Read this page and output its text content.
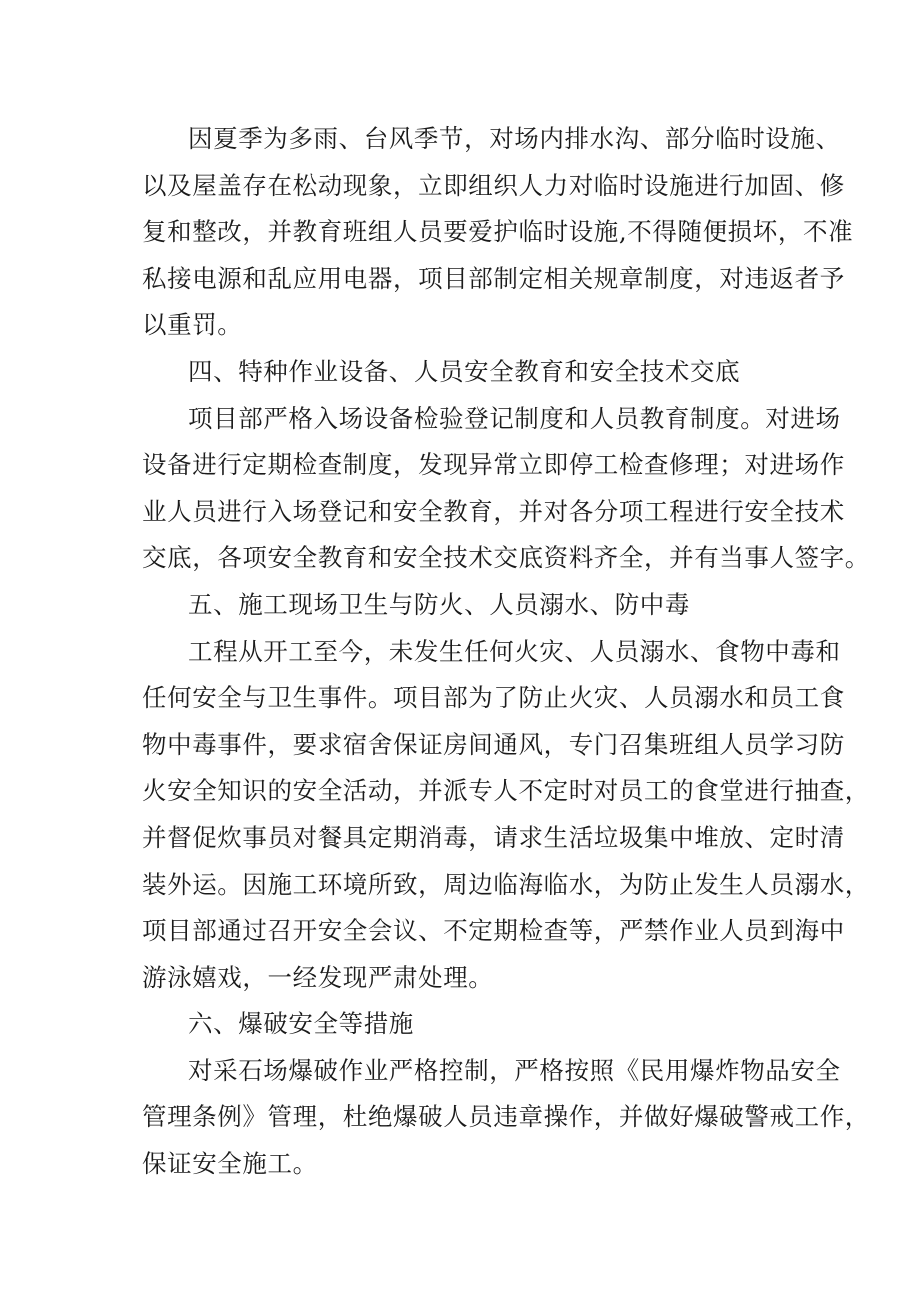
因夏季为多雨、台风季节，对场内排水沟、部分临时设施、
以及屋盖存在松动现象，立即组织人力对临时设施进行加固、修
复和整改，并教育班组人员要爱护临时设施,不得随便损坏，不准
私接电源和乱应用电器，项目部制定相关规章制度，对违返者予
以重罚。
四、特种作业设备、人员安全教育和安全技术交底
项目部严格入场设备检验登记制度和人员教育制度。对进场
设备进行定期检查制度，发现异常立即停工检查修理；对进场作
业人员进行入场登记和安全教育，并对各分项工程进行安全技术
交底，各项安全教育和安全技术交底资料齐全，并有当事人签字。
五、施工现场卫生与防火、人员溺水、防中毒
工程从开工至今，未发生任何火灾、人员溺水、食物中毒和
任何安全与卫生事件。项目部为了防止火灾、人员溺水和员工食
物中毒事件，要求宿舍保证房间通风，专门召集班组人员学习防
火安全知识的安全活动，并派专人不定时对员工的食堂进行抽查，
并督促炊事员对餐具定期消毒，请求生活垃圾集中堆放、定时清
装外运。因施工环境所致，周边临海临水，为防止发生人员溺水，
项目部通过召开安全会议、不定期检查等，严禁作业人员到海中
游泳嬉戏，一经发现严肃处理。
六、爆破安全等措施
对采石场爆破作业严格控制，严格按照《民用爆炸物品安全
管理条例》管理，杜绝爆破人员违章操作，并做好爆破警戒工作，
保证安全施工。
